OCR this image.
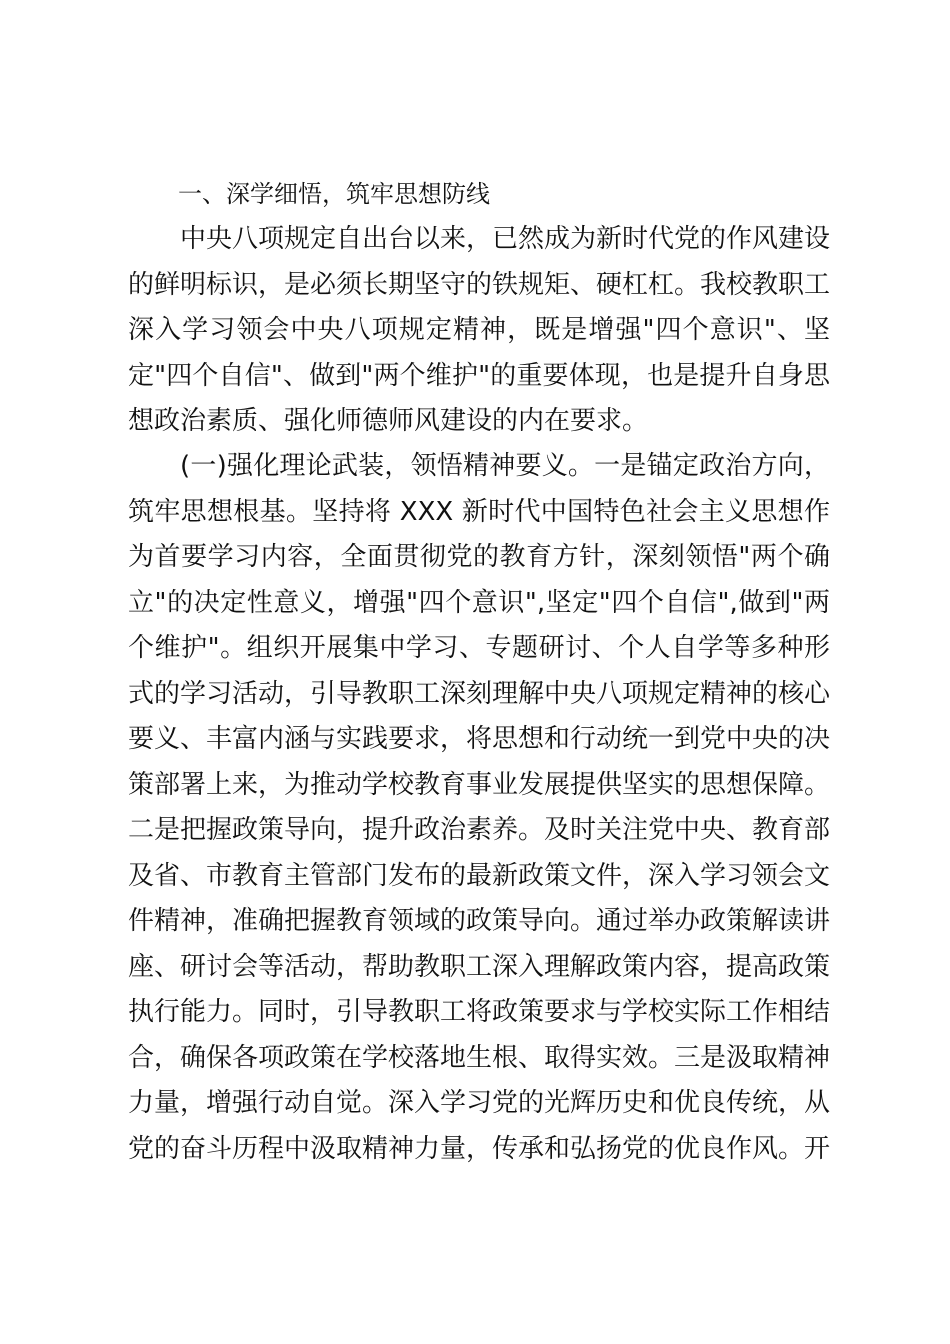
一、深学细悟，筑牢思想防线

中央八项规定自出台以来，已然成为新时代党的作风建设的鲜明标识，是必须长期坚守的铁规矩、硬杠杠。我校教职工深入学习领会中央八项规定精神，既是增强"四个意识"、坚定"四个自信"、做到"两个维护"的重要体现，也是提升自身思想政治素质、强化师德师风建设的内在要求。

(一)强化理论武装，领悟精神要义。一是锚定政治方向，筑牢思想根基。坚持将 XXX 新时代中国特色社会主义思想作为首要学习内容，全面贯彻党的教育方针，深刻领悟"两个确立"的决定性意义，增强"四个意识",坚定"四个自信",做到"两个维护"。组织开展集中学习、专题研讨、个人自学等多种形式的学习活动，引导教职工深刻理解中央八项规定精神的核心要义、丰富内涵与实践要求，将思想和行动统一到党中央的决策部署上来，为推动学校教育事业发展提供坚实的思想保障。二是把握政策导向，提升政治素养。及时关注党中央、教育部及省、市教育主管部门发布的最新政策文件，深入学习领会文件精神，准确把握教育领域的政策导向。通过举办政策解读讲座、研讨会等活动，帮助教职工深入理解政策内容，提高政策执行能力。同时，引导教职工将政策要求与学校实际工作相结合，确保各项政策在学校落地生根、取得实效。三是汲取精神力量，增强行动自觉。深入学习党的光辉历史和优良传统，从党的奋斗历程中汲取精神力量，传承和弘扬党的优良作风。开
